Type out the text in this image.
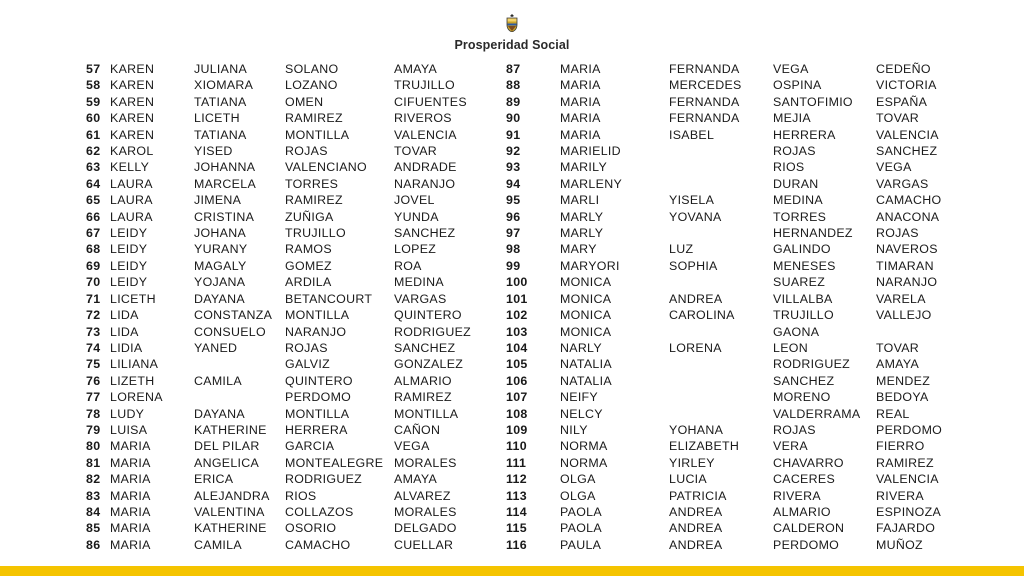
Prosperidad Social
57	KAREN	JULIANA	SOLANO	AMAYA
58	KAREN	XIOMARA	LOZANO	TRUJILLO
59	KAREN	TATIANA	OMEN	CIFUENTES
60	KAREN	LICETH	RAMIREZ	RIVEROS
61	KAREN	TATIANA	MONTILLA	VALENCIA
62	KAROL	YISED	ROJAS	TOVAR
63	KELLY	JOHANNA	VALENCIANO	ANDRADE
64	LAURA	MARCELA	TORRES	NARANJO
65	LAURA	JIMENA	RAMIREZ	JOVEL
66	LAURA	CRISTINA	ZUÑIGA	YUNDA
67	LEIDY	JOHANA	TRUJILLO	SANCHEZ
68	LEIDY	YURANY	RAMOS	LOPEZ
69	LEIDY	MAGALY	GOMEZ	ROA
70	LEIDY	YOJANA	ARDILA	MEDINA
71	LICETH	DAYANA	BETANCOURT	VARGAS
72	LIDA	CONSTANZA	MONTILLA	QUINTERO
73	LIDA	CONSUELO	NARANJO	RODRIGUEZ
74	LIDIA	YANED	ROJAS	SANCHEZ
75	LILIANA		GALVIZ	GONZALEZ
76	LIZETH	CAMILA	QUINTERO	ALMARIO
77	LORENA		PERDOMO	RAMIREZ
78	LUDY	DAYANA	MONTILLA	MONTILLA
79	LUISA	KATHERINE	HERRERA	CAÑON
80	MARIA	DEL PILAR	GARCIA	VEGA
81	MARIA	ANGELICA	MONTEALEGRE	MORALES
82	MARIA	ERICA	RODRIGUEZ	AMAYA
83	MARIA	ALEJANDRA	RIOS	ALVAREZ
84	MARIA	VALENTINA	COLLAZOS	MORALES
85	MARIA	KATHERINE	OSORIO	DELGADO
86	MARIA	CAMILA	CAMACHO	CUELLAR
87	MARIA	FERNANDA	VEGA	CEDEÑO
88	MARIA	MERCEDES	OSPINA	VICTORIA
89	MARIA	FERNANDA	SANTOFIMIO	ESPAÑA
90	MARIA	FERNANDA	MEJIA	TOVAR
91	MARIA	ISABEL	HERRERA	VALENCIA
92	MARIELID		ROJAS	SANCHEZ
93	MARILY		RIOS	VEGA
94	MARLENY		DURAN	VARGAS
95	MARLI	YISELA	MEDINA	CAMACHO
96	MARLY	YOVANA	TORRES	ANACONA
97	MARLY		HERNANDEZ	ROJAS
98	MARY	LUZ	GALINDO	NAVEROS
99	MARYORI	SOPHIA	MENESES	TIMARAN
100	MONICA		SUAREZ	NARANJO
101	MONICA	ANDREA	VILLALBA	VARELA
102	MONICA	CAROLINA	TRUJILLO	VALLEJO
103	MONICA		GAONA	
104	NARLY	LORENA	LEON	TOVAR
105	NATALIA		RODRIGUEZ	AMAYA
106	NATALIA		SANCHEZ	MENDEZ
107	NEIFY		MORENO	BEDOYA
108	NELCY		VALDERRAMA	REAL
109	NILY	YOHANA	ROJAS	PERDOMO
110	NORMA	ELIZABETH	VERA	FIERRO
111	NORMA	YIRLEY	CHAVARRO	RAMIREZ
112	OLGA	LUCIA	CACERES	VALENCIA
113	OLGA	PATRICIA	RIVERA	RIVERA
114	PAOLA	ANDREA	ALMARIO	ESPINOZA
115	PAOLA	ANDREA	CALDERON	FAJARDO
116	PAULA	ANDREA	PERDOMO	MUÑOZ
